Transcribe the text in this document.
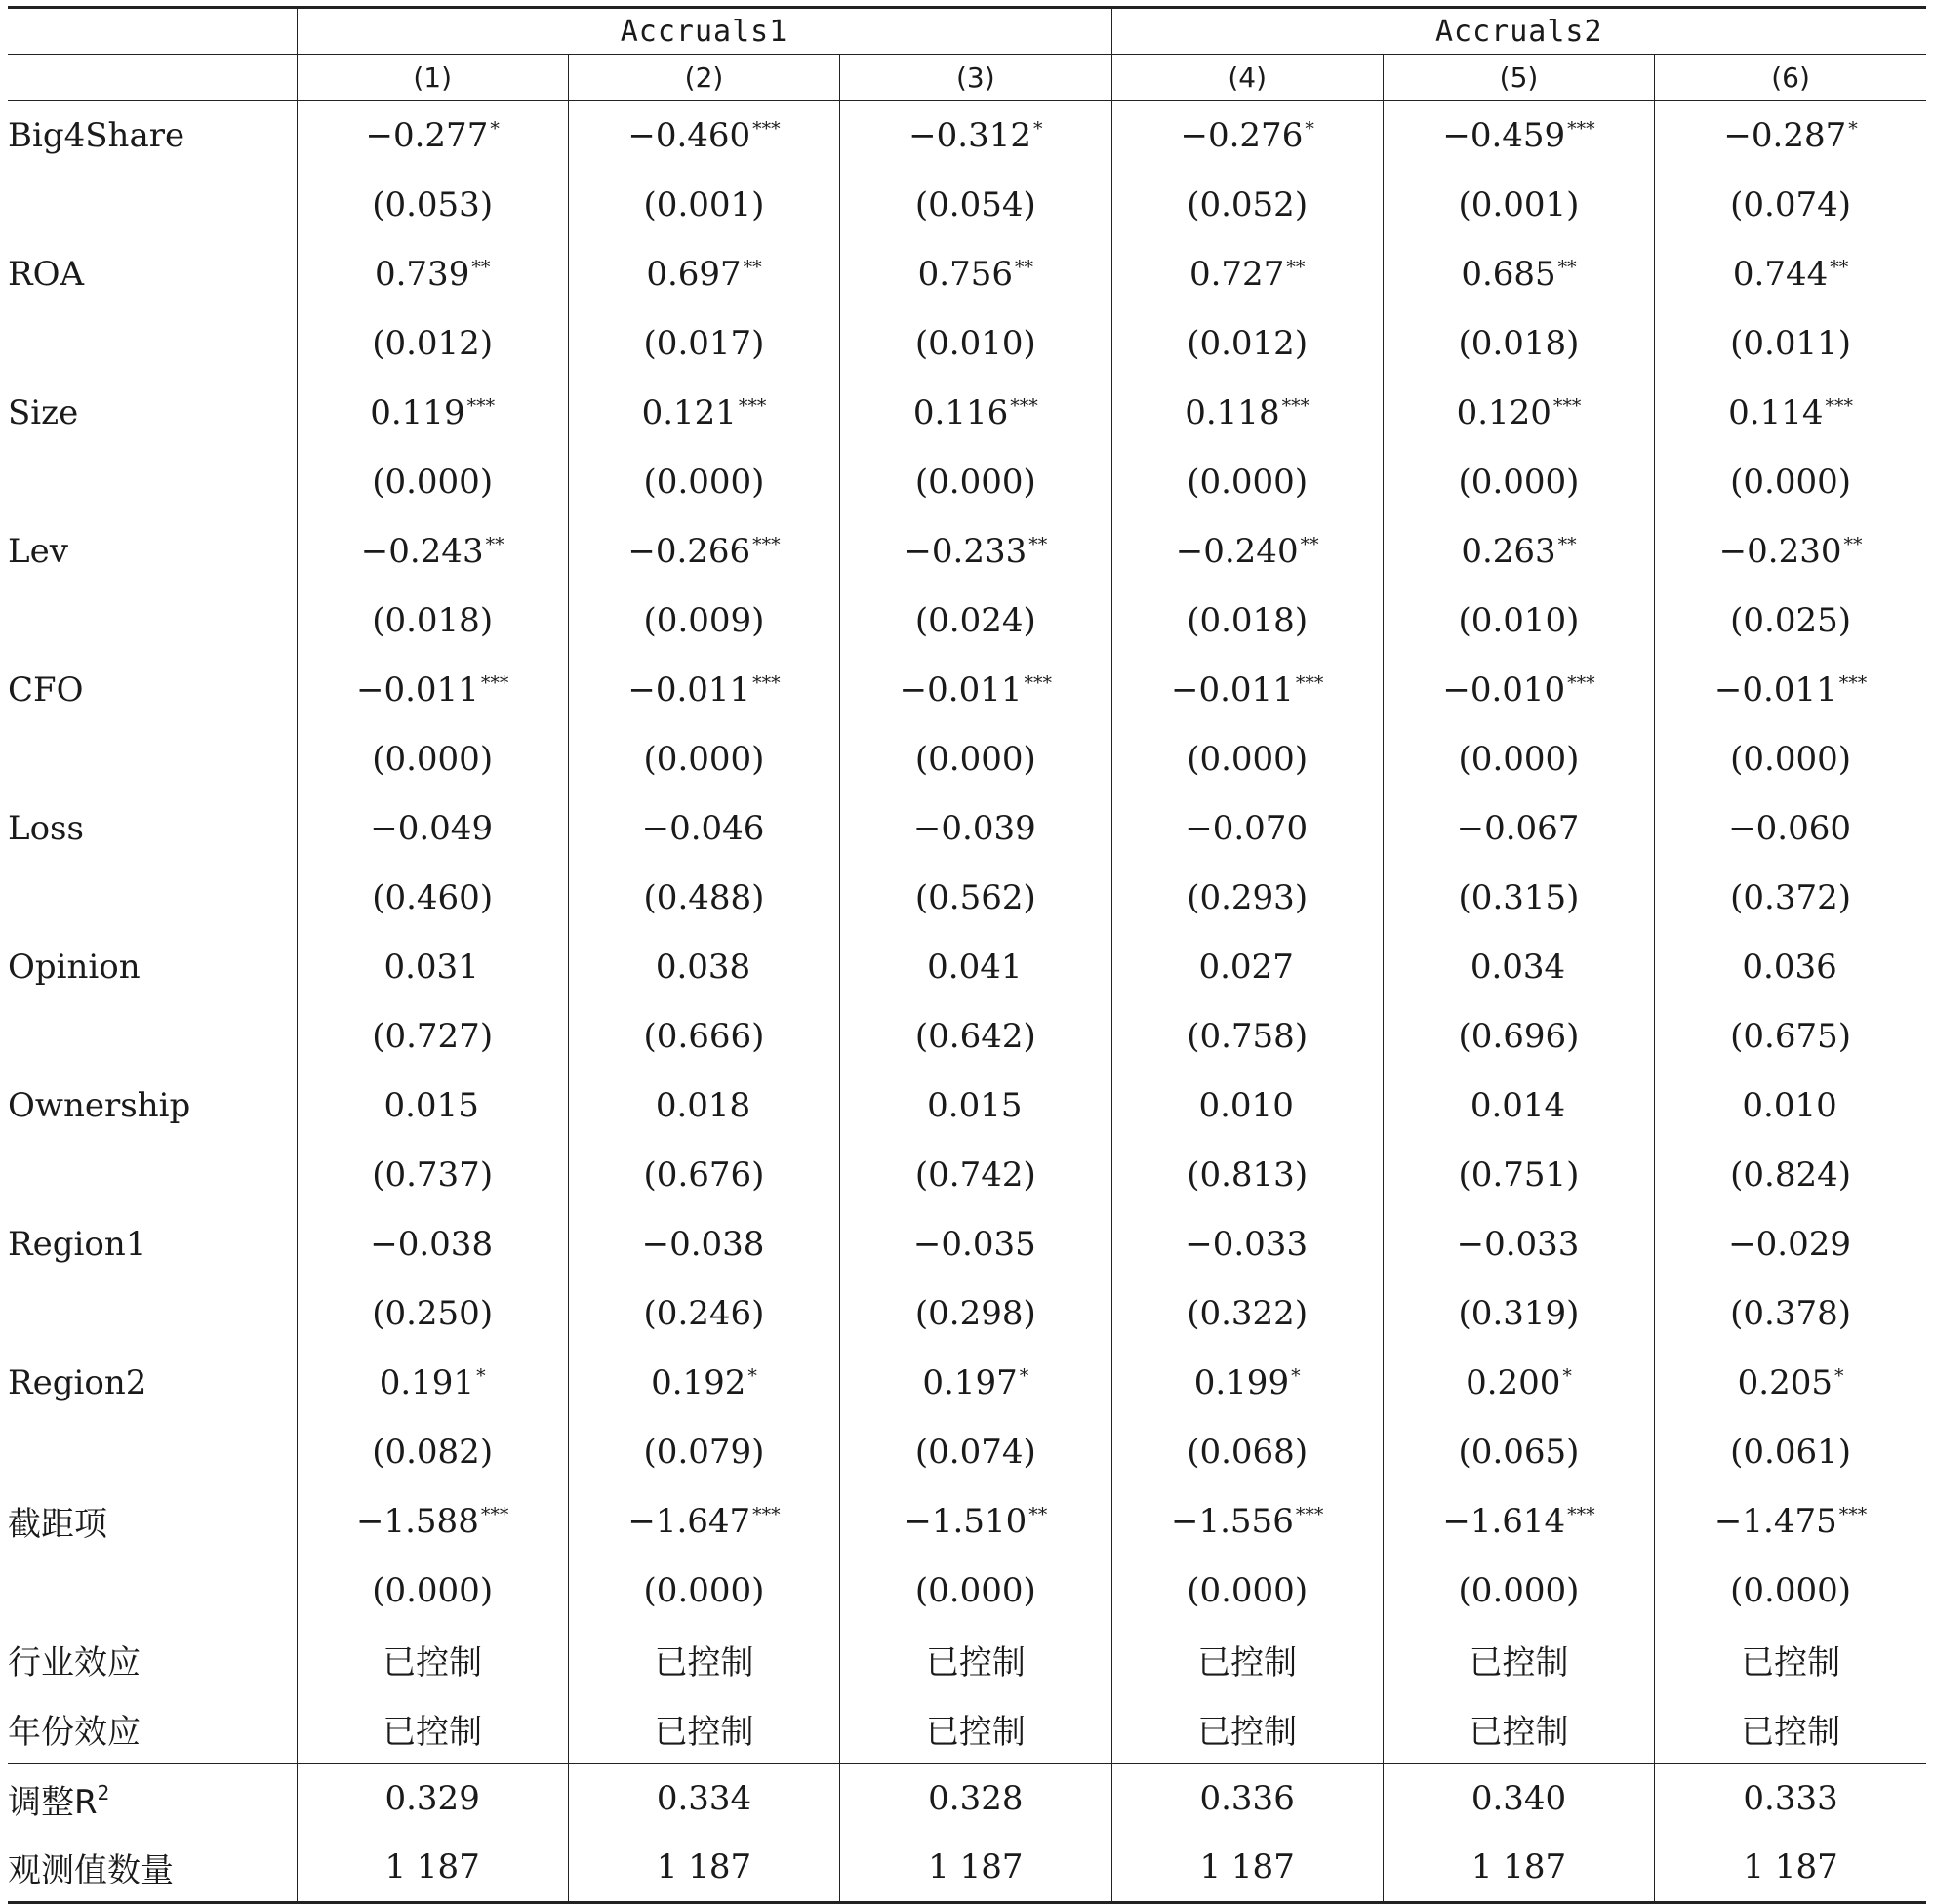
	Accruals1			Accruals2		
	(1)	(2)	(3)	(4)	(5)	(6)
Big4Share	−0.277 *	−0.460 ***	−0.312 *	−0.276 *	−0.459 ***	−0.287 *
	(0.053)	(0.001)	(0.054)	(0.052)	(0.001)	(0.074)
ROA	0.739 **	0.697 **	0.756 **	0.727 **	0.685 **	0.744 **
	(0.012)	(0.017)	(0.010)	(0.012)	(0.018)	(0.011)
Size	0.119 ***	0.121 ***	0.116 ***	0.118 ***	0.120 ***	0.114 ***
	(0.000)	(0.000)	(0.000)	(0.000)	(0.000)	(0.000)
Lev	−0.243 **	−0.266 ***	−0.233 **	−0.240 **	0.263 **	−0.230 **
	(0.018)	(0.009)	(0.024)	(0.018)	(0.010)	(0.025)
CFO	−0.011 ***	−0.011 ***	−0.011 ***	−0.011 ***	−0.010 ***	−0.011 ***
	(0.000)	(0.000)	(0.000)	(0.000)	(0.000)	(0.000)
Loss	−0.049	−0.046	−0.039	−0.070	−0.067	−0.060
	(0.460)	(0.488)	(0.562)	(0.293)	(0.315)	(0.372)
Opinion	0.031	0.038	0.041	0.027	0.034	0.036
	(0.727)	(0.666)	(0.642)	(0.758)	(0.696)	(0.675)
Ownership	0.015	0.018	0.015	0.010	0.014	0.010
	(0.737)	(0.676)	(0.742)	(0.813)	(0.751)	(0.824)
Region1	−0.038	−0.038	−0.035	−0.033	−0.033	−0.029
	(0.250)	(0.246)	(0.298)	(0.322)	(0.319)	(0.378)
Region2	0.191 *	0.192 *	0.197 *	0.199 *	0.200 *	0.205 *
	(0.082)	(0.079)	(0.074)	(0.068)	(0.065)	(0.061)
截距项	−1.588 ***	−1.647 ***	−1.510 **	−1.556 ***	−1.614 ***	−1.475 ***
	(0.000)	(0.000)	(0.000)	(0.000)	(0.000)	(0.000)
行业效应	已控制	已控制	已控制	已控制	已控制	已控制
年份效应	已控制	已控制	已控制	已控制	已控制	已控制
调整$R^2$	0.329	0.334	0.328	0.336	0.340	0.333
观测值数量	1 187	1 187	1 187	1 187	1 187	1 187
